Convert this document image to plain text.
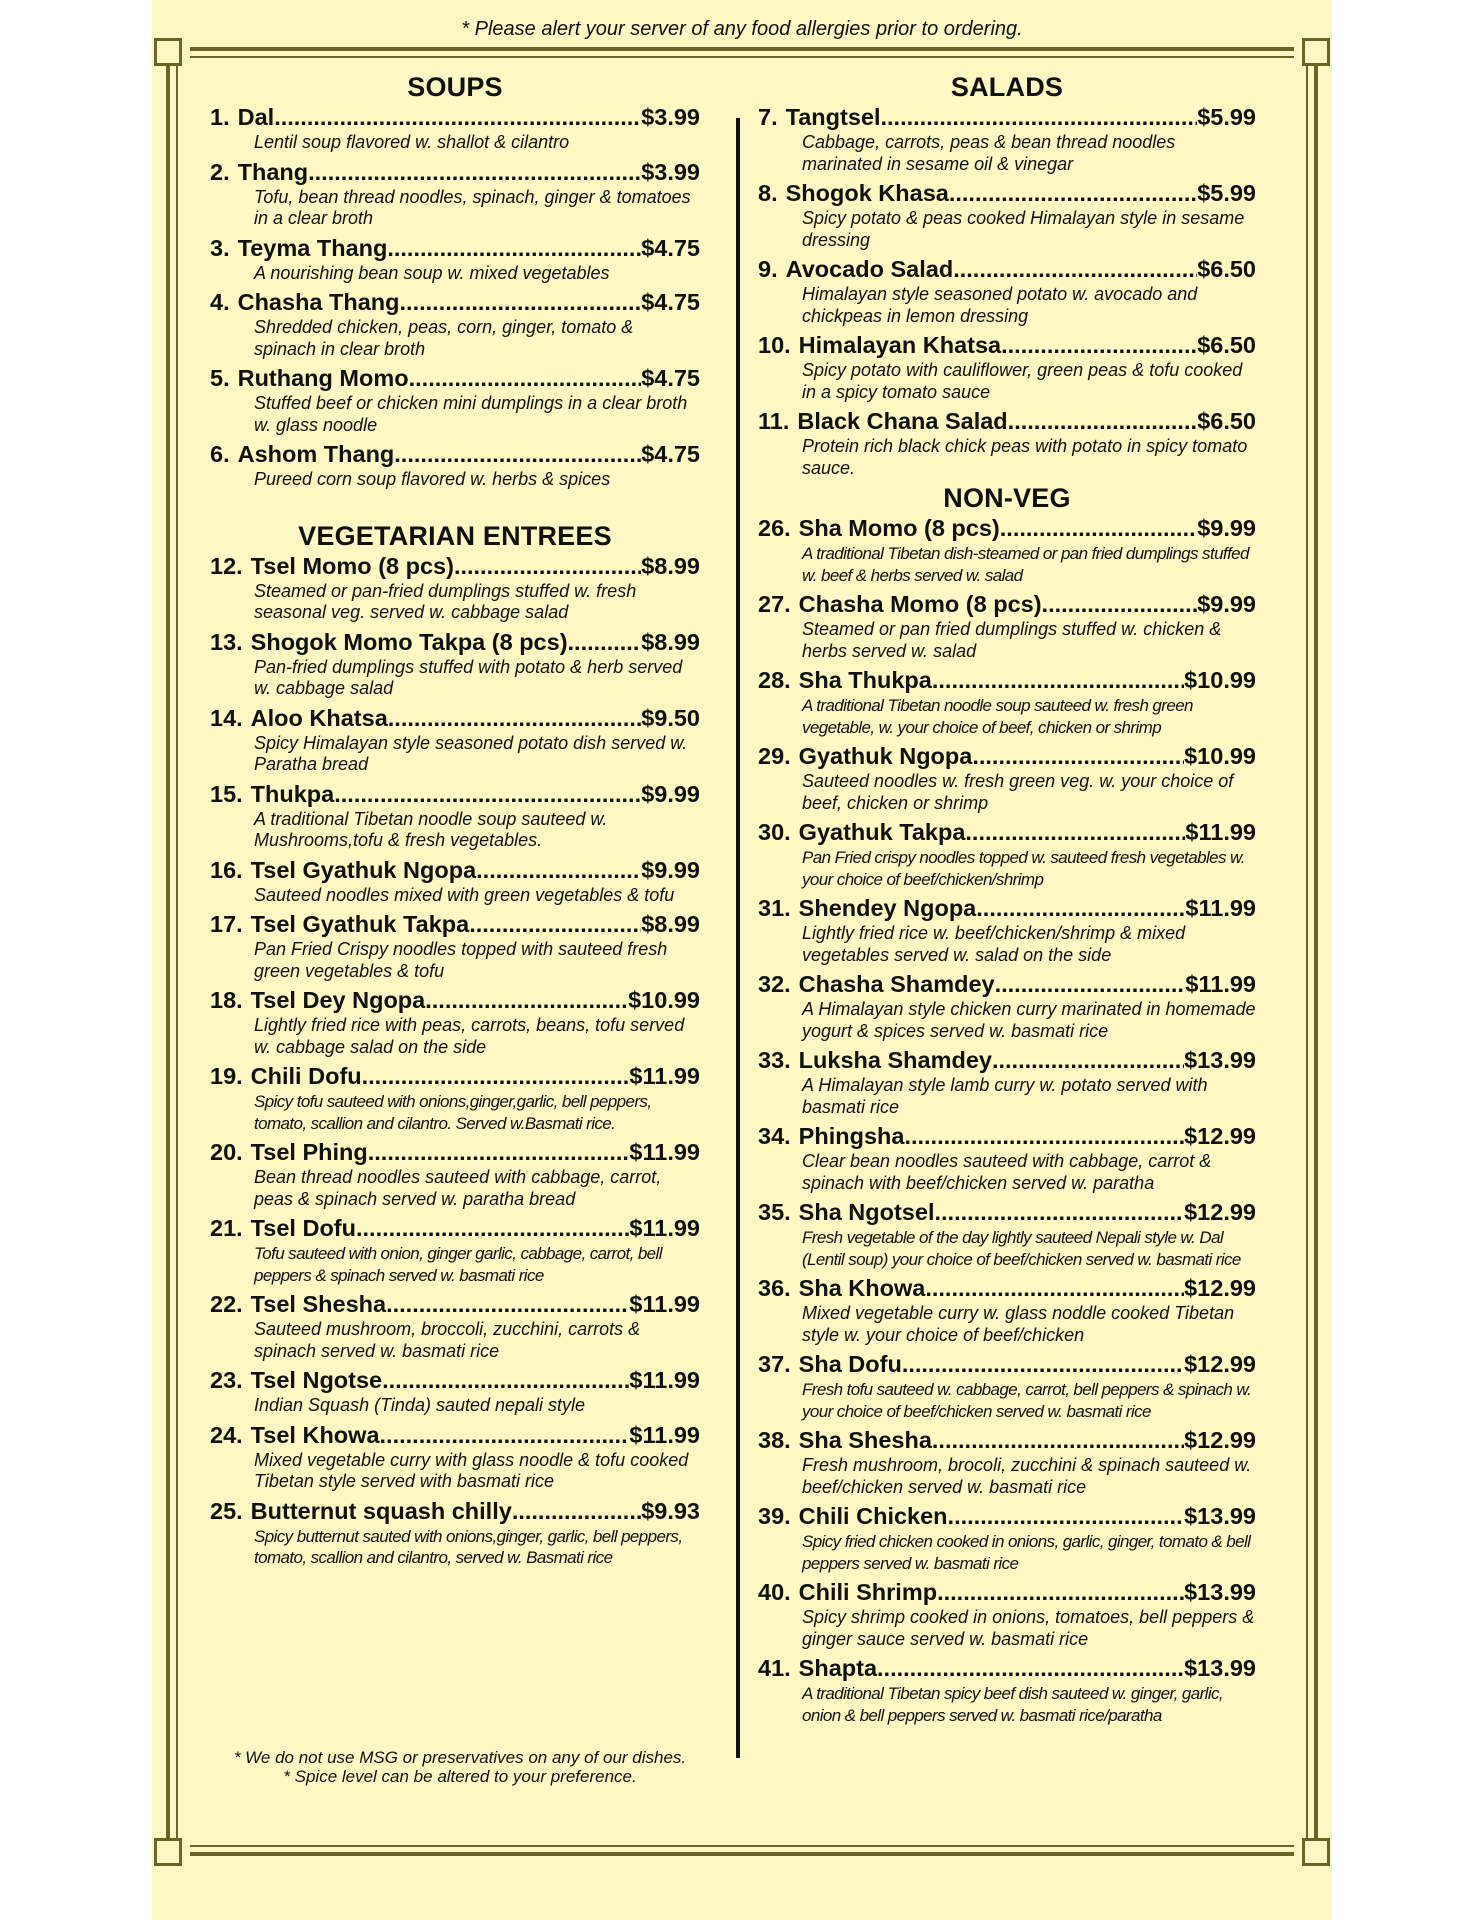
* Please alert your server of any food allergies prior to ordering.
SOUPS
1. Dal .....	$3.99
Lentil soup flavored w. shallot & cilantro
2. Thang .....	$3.99
Tofu, bean thread noodles, spinach, ginger & tomatoes in a clear broth
3. Teyma Thang .....	$4.75
A nourishing bean soup w. mixed vegetables
4. Chasha Thang .....	$4.75
Shredded chicken, peas, corn, ginger, tomato & spinach in clear broth
5. Ruthang Momo .....	$4.75
Stuffed beef or chicken mini dumplings in a clear broth w. glass noodle
6. Ashom Thang .....	$4.75
Pureed corn soup flavored w. herbs & spices
VEGETARIAN ENTREES
12. Tsel Momo (8 pcs) .....	$8.99
Steamed or pan-fried dumplings stuffed w. fresh seasonal veg. served w. cabbage salad
13. Shogok Momo Takpa (8 pcs) .....	$8.99
Pan-fried dumplings stuffed with potato & herb served w. cabbage salad
14. Aloo Khatsa .....	$9.50
Spicy Himalayan style seasoned potato dish served w. Paratha bread
15. Thukpa .....	$9.99
A traditional Tibetan noodle soup sauteed w. Mushrooms,tofu & fresh vegetables.
16. Tsel Gyathuk Ngopa .....	$9.99
Sauteed noodles mixed with green vegetables & tofu
17. Tsel Gyathuk Takpa .....	$8.99
Pan Fried Crispy noodles topped with sauteed fresh green vegetables & tofu
18. Tsel Dey Ngopa .....	$10.99
Lightly fried rice with peas, carrots, beans, tofu served w. cabbage salad on the side
19. Chili Dofu .....	$11.99
Spicy tofu sauteed with onions,ginger,garlic, bell peppers, tomato, scallion and cilantro. Served w.Basmati rice.
20. Tsel Phing .....	$11.99
Bean thread noodles sauteed with cabbage, carrot, peas & spinach served w. paratha bread
21. Tsel Dofu .....	$11.99
Tofu sauteed with onion, ginger garlic, cabbage, carrot, bell peppers & spinach served w. basmati rice
22. Tsel Shesha .....	$11.99
Sauteed mushroom, broccoli, zucchini, carrots & spinach served w. basmati rice
23. Tsel Ngotse .....	$11.99
Indian Squash (Tinda) sauted nepali style
24. Tsel Khowa .....	$11.99
Mixed vegetable curry with glass noodle & tofu cooked Tibetan style served with basmati rice
25. Butternut squash chilly .....	$9.93
Spicy butternut sauted with onions,ginger, garlic, bell peppers, tomato, scallion and cilantro, served w. Basmati rice
SALADS
7. Tangtsel .....	$5.99
Cabbage, carrots, peas & bean thread noodles marinated in sesame oil & vinegar
8. Shogok Khasa .....	$5.99
Spicy potato & peas cooked Himalayan style in sesame dressing
9. Avocado Salad .....	$6.50
Himalayan style seasoned potato w. avocado and chickpeas in lemon dressing
10. Himalayan Khatsa .....	$6.50
Spicy potato with cauliflower, green peas & tofu cooked in a spicy tomato sauce
11. Black Chana Salad .....	$6.50
Protein rich black chick peas with potato in spicy tomato sauce.
NON-VEG
26. Sha Momo (8 pcs) .....	$9.99
A traditional Tibetan dish-steamed or pan fried dumplings stuffed w. beef & herbs served w. salad
27. Chasha Momo (8 pcs) .....	$9.99
Steamed or pan fried dumplings stuffed w. chicken & herbs served w. salad
28. Sha Thukpa .....	$10.99
A traditional Tibetan noodle soup sauteed w. fresh green vegetable, w. your choice of beef, chicken or shrimp
29. Gyathuk Ngopa .....	$10.99
Sauteed noodles w. fresh green veg. w. your choice of beef, chicken or shrimp
30. Gyathuk Takpa .....	$11.99
Pan Fried crispy noodles topped w. sauteed fresh vegetables w. your choice of beef/chicken/shrimp
31. Shendey Ngopa .....	$11.99
Lightly fried rice w. beef/chicken/shrimp & mixed vegetables served w. salad on the side
32. Chasha Shamdey .....	$11.99
A Himalayan style chicken curry marinated in homemade yogurt & spices served w. basmati rice
33. Luksha Shamdey .....	$13.99
A Himalayan style lamb curry w. potato served with basmati rice
34. Phingsha .....	$12.99
Clear bean noodles sauteed with cabbage, carrot & spinach with beef/chicken served w. paratha
35. Sha Ngotsel .....	$12.99
Fresh vegetable of the day lightly sauteed Nepali style w. Dal (Lentil soup) your choice of beef/chicken served w. basmati rice
36. Sha Khowa .....	$12.99
Mixed vegetable curry w. glass noddle cooked Tibetan style w. your choice of beef/chicken
37. Sha Dofu .....	$12.99
Fresh tofu sauteed w. cabbage, carrot, bell peppers & spinach w. your choice of beef/chicken served w. basmati rice
38. Sha Shesha .....	$12.99
Fresh mushroom, brocoli, zucchini & spinach sauteed w. beef/chicken served w. basmati rice
39. Chili Chicken .....	$13.99
Spicy fried chicken cooked in onions, garlic, ginger, tomato & bell peppers served w. basmati rice
40. Chili Shrimp .....	$13.99
Spicy shrimp cooked in onions, tomatoes, bell peppers & ginger sauce served w. basmati rice
41. Shapta .....	$13.99
A traditional Tibetan spicy beef dish sauteed w. ginger, garlic, onion & bell peppers served w. basmati rice/paratha
* We do not use MSG or preservatives on any of our dishes.
* Spice level can be altered to your preference.
